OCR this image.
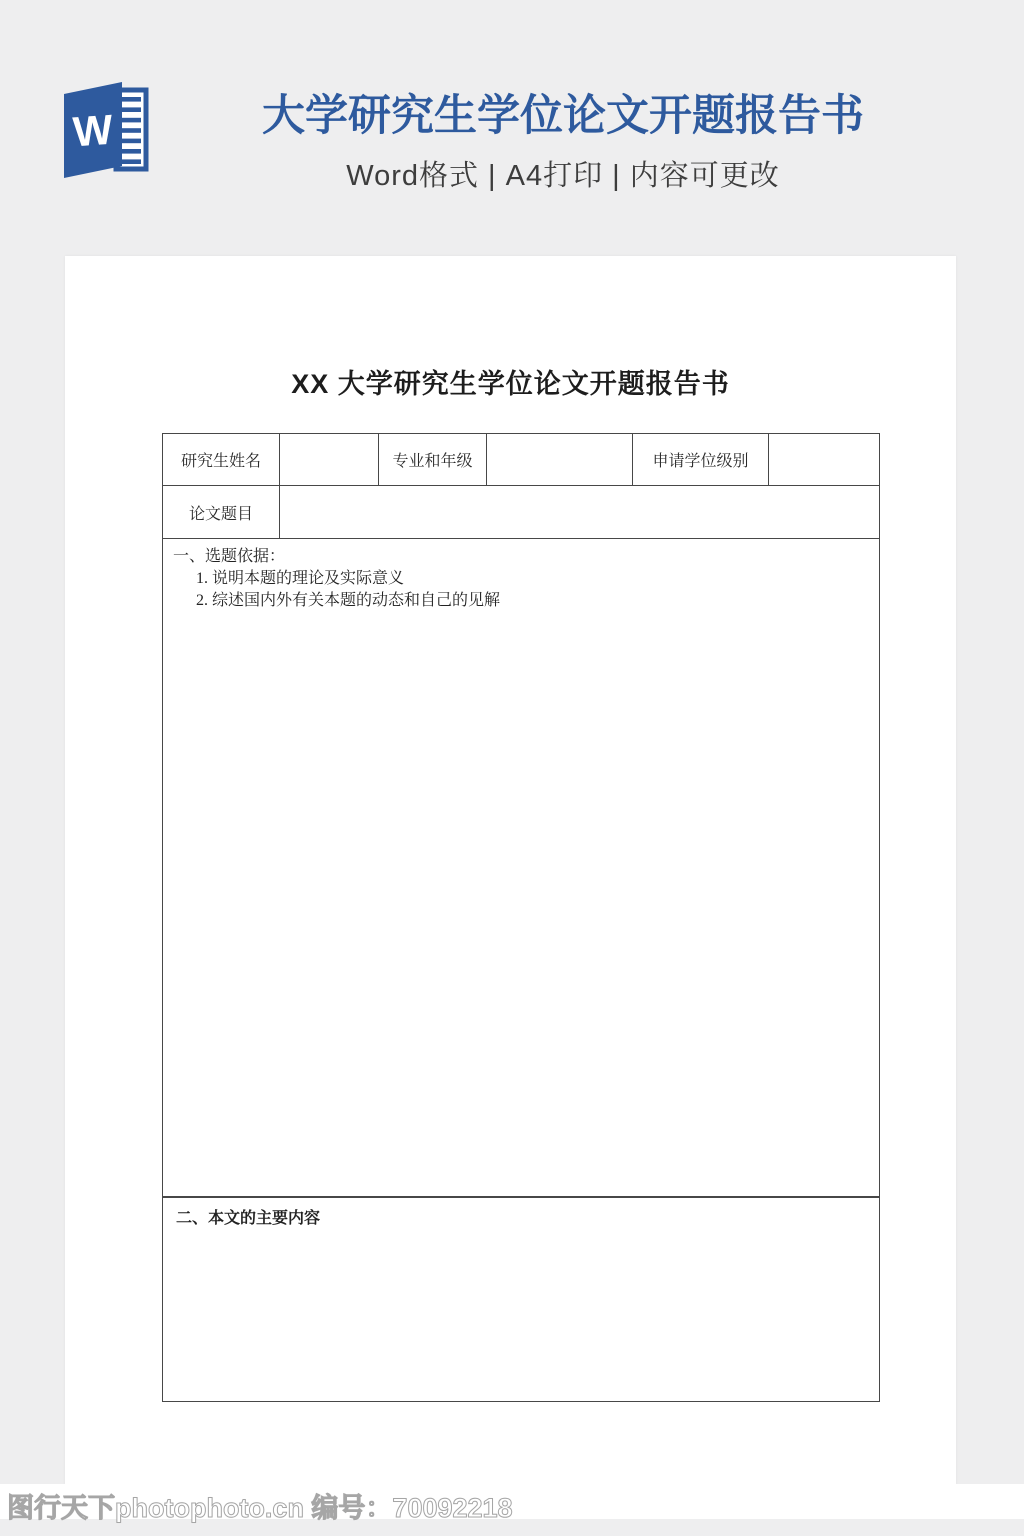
W	大学研究生学位论文开题报告书
Word格式 | A4打印 | 内容可更改
XX 大学研究生学位论文开题报告书
研究生姓名	专业和年级	申请学位级别
论文题目
一、选题依据：
1. 说明本题的理论及实际意义
2. 综述国内外有关本题的动态和自己的见解
二、本文的主要内容
图行天下photophoto.cn 编号：70092218
